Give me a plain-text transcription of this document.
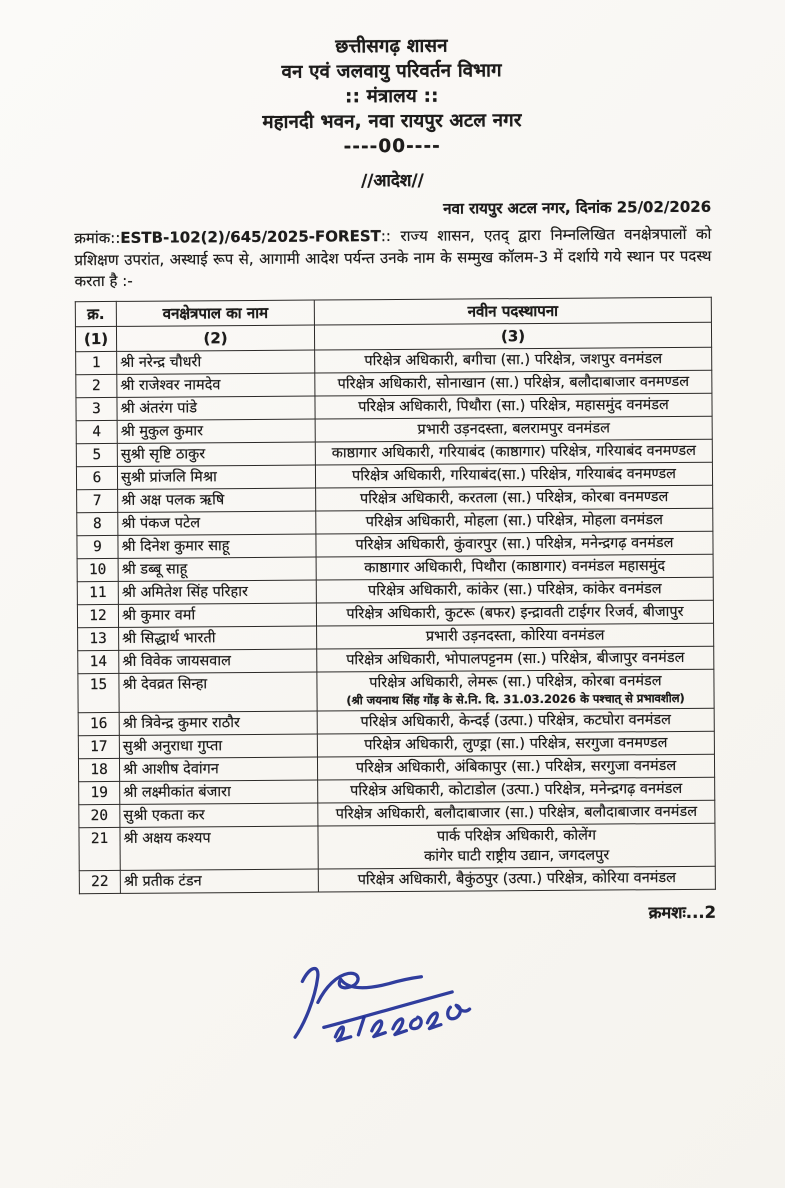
छत्तीसगढ़ शासन
वन एवं जलवायु परिवर्तन विभाग
:: मंत्रालय ::
महानदी भवन, नवा रायपुर अटल नगर
----00----
//आदेश//
नवा रायपुर अटल नगर, दिनांक 25/02/2026

क्रमांक::ESTB-102(2)/645/2025-FOREST:: राज्य शासन, एतद् द्वारा निम्नलिखित वनक्षेत्रपालों को प्रशिक्षण उपरांत, अस्थाई रूप से, आगामी आदेश पर्यन्त उनके नाम के सम्मुख कॉलम-3 में दर्शाये गये स्थान पर पदस्थ करता है :-

क्र.	वनक्षेत्रपाल का नाम	नवीन पदस्थापना
(1)	(2)	(3)
1	श्री नरेन्द्र चौधरी	परिक्षेत्र अधिकारी, बगीचा (सा.) परिक्षेत्र, जशपुर वनमंडल

2	श्री राजेश्वर नामदेव	परिक्षेत्र अधिकारी, सोनाखान (सा.) परिक्षेत्र, बलौदाबाजार वनमण्डल

3	श्री अंतरंग पांडे	परिक्षेत्र अधिकारी, पिथौरा (सा.) परिक्षेत्र, महासमुंद वनमंडल

4	श्री मुकुल कुमार	प्रभारी उड़नदस्ता, बलरामपुर वनमंडल

5	सुश्री सृष्टि ठाकुर	काष्ठागार अधिकारी, गरियाबंद (काष्ठागार) परिक्षेत्र, गरियाबंद वनमण्डल

6	सुश्री प्रांजलि मिश्रा	परिक्षेत्र अधिकारी, गरियाबंद(सा.) परिक्षेत्र, गरियाबंद वनमण्डल

7	श्री अक्ष पलक ऋषि	परिक्षेत्र अधिकारी, करतला (सा.) परिक्षेत्र, कोरबा वनमण्डल

8	श्री पंकज पटेल	परिक्षेत्र अधिकारी, मोहला (सा.) परिक्षेत्र, मोहला वनमंडल

9	श्री दिनेश कुमार साहू	परिक्षेत्र अधिकारी, कुंवारपुर (सा.) परिक्षेत्र, मनेन्द्रगढ़ वनमंडल

10	श्री डब्बू साहू	काष्ठागार अधिकारी, पिथौरा (काष्ठागार) वनमंडल महासमुंद

11	श्री अमितेश सिंह परिहार	परिक्षेत्र अधिकारी, कांकेर (सा.) परिक्षेत्र, कांकेर वनमंडल

12	श्री कुमार वर्मा	परिक्षेत्र अधिकारी, कुटरू (बफर) इन्द्रावती टाईगर रिजर्व, बीजापुर

13	श्री सिद्धार्थ भारती	प्रभारी उड़नदस्ता, कोरिया वनमंडल

14	श्री विवेक जायसवाल	परिक्षेत्र अधिकारी, भोपालपट्टनम (सा.) परिक्षेत्र, बीजापुर वनमंडल

15	श्री देवव्रत सिन्हा	परिक्षेत्र अधिकारी, लेमरू (सा.) परिक्षेत्र, कोरबा वनमंडल
(श्री जयनाथ सिंह गोंड़ के से.नि. दि. 31.03.2026 के पश्चात् से प्रभावशील)

16	श्री त्रिवेन्द्र कुमार राठौर	परिक्षेत्र अधिकारी, केन्दई (उत्पा.) परिक्षेत्र, कटघोरा वनमंडल

17	सुश्री अनुराधा गुप्ता	परिक्षेत्र अधिकारी, लुण्ड्रा (सा.) परिक्षेत्र, सरगुजा वनमण्डल

18	श्री आशीष देवांगन	परिक्षेत्र अधिकारी, अंबिकापुर (सा.) परिक्षेत्र, सरगुजा वनमंडल

19	श्री लक्ष्मीकांत बंजारा	परिक्षेत्र अधिकारी, कोटाडोल (उत्पा.) परिक्षेत्र, मनेन्द्रगढ़ वनमंडल

20	सुश्री एकता कर	परिक्षेत्र अधिकारी, बलौदाबाजार (सा.) परिक्षेत्र, बलौदाबाजार वनमंडल

21	श्री अक्षय कश्यप	पार्क परिक्षेत्र अधिकारी, कोलेंग
कांगेर घाटी राष्ट्रीय उद्यान, जगदलपुर

22	श्री प्रतीक टंडन	परिक्षेत्र अधिकारी, बैकुंठपुर (उत्पा.) परिक्षेत्र, कोरिया वनमंडल
क्रमशः...2
